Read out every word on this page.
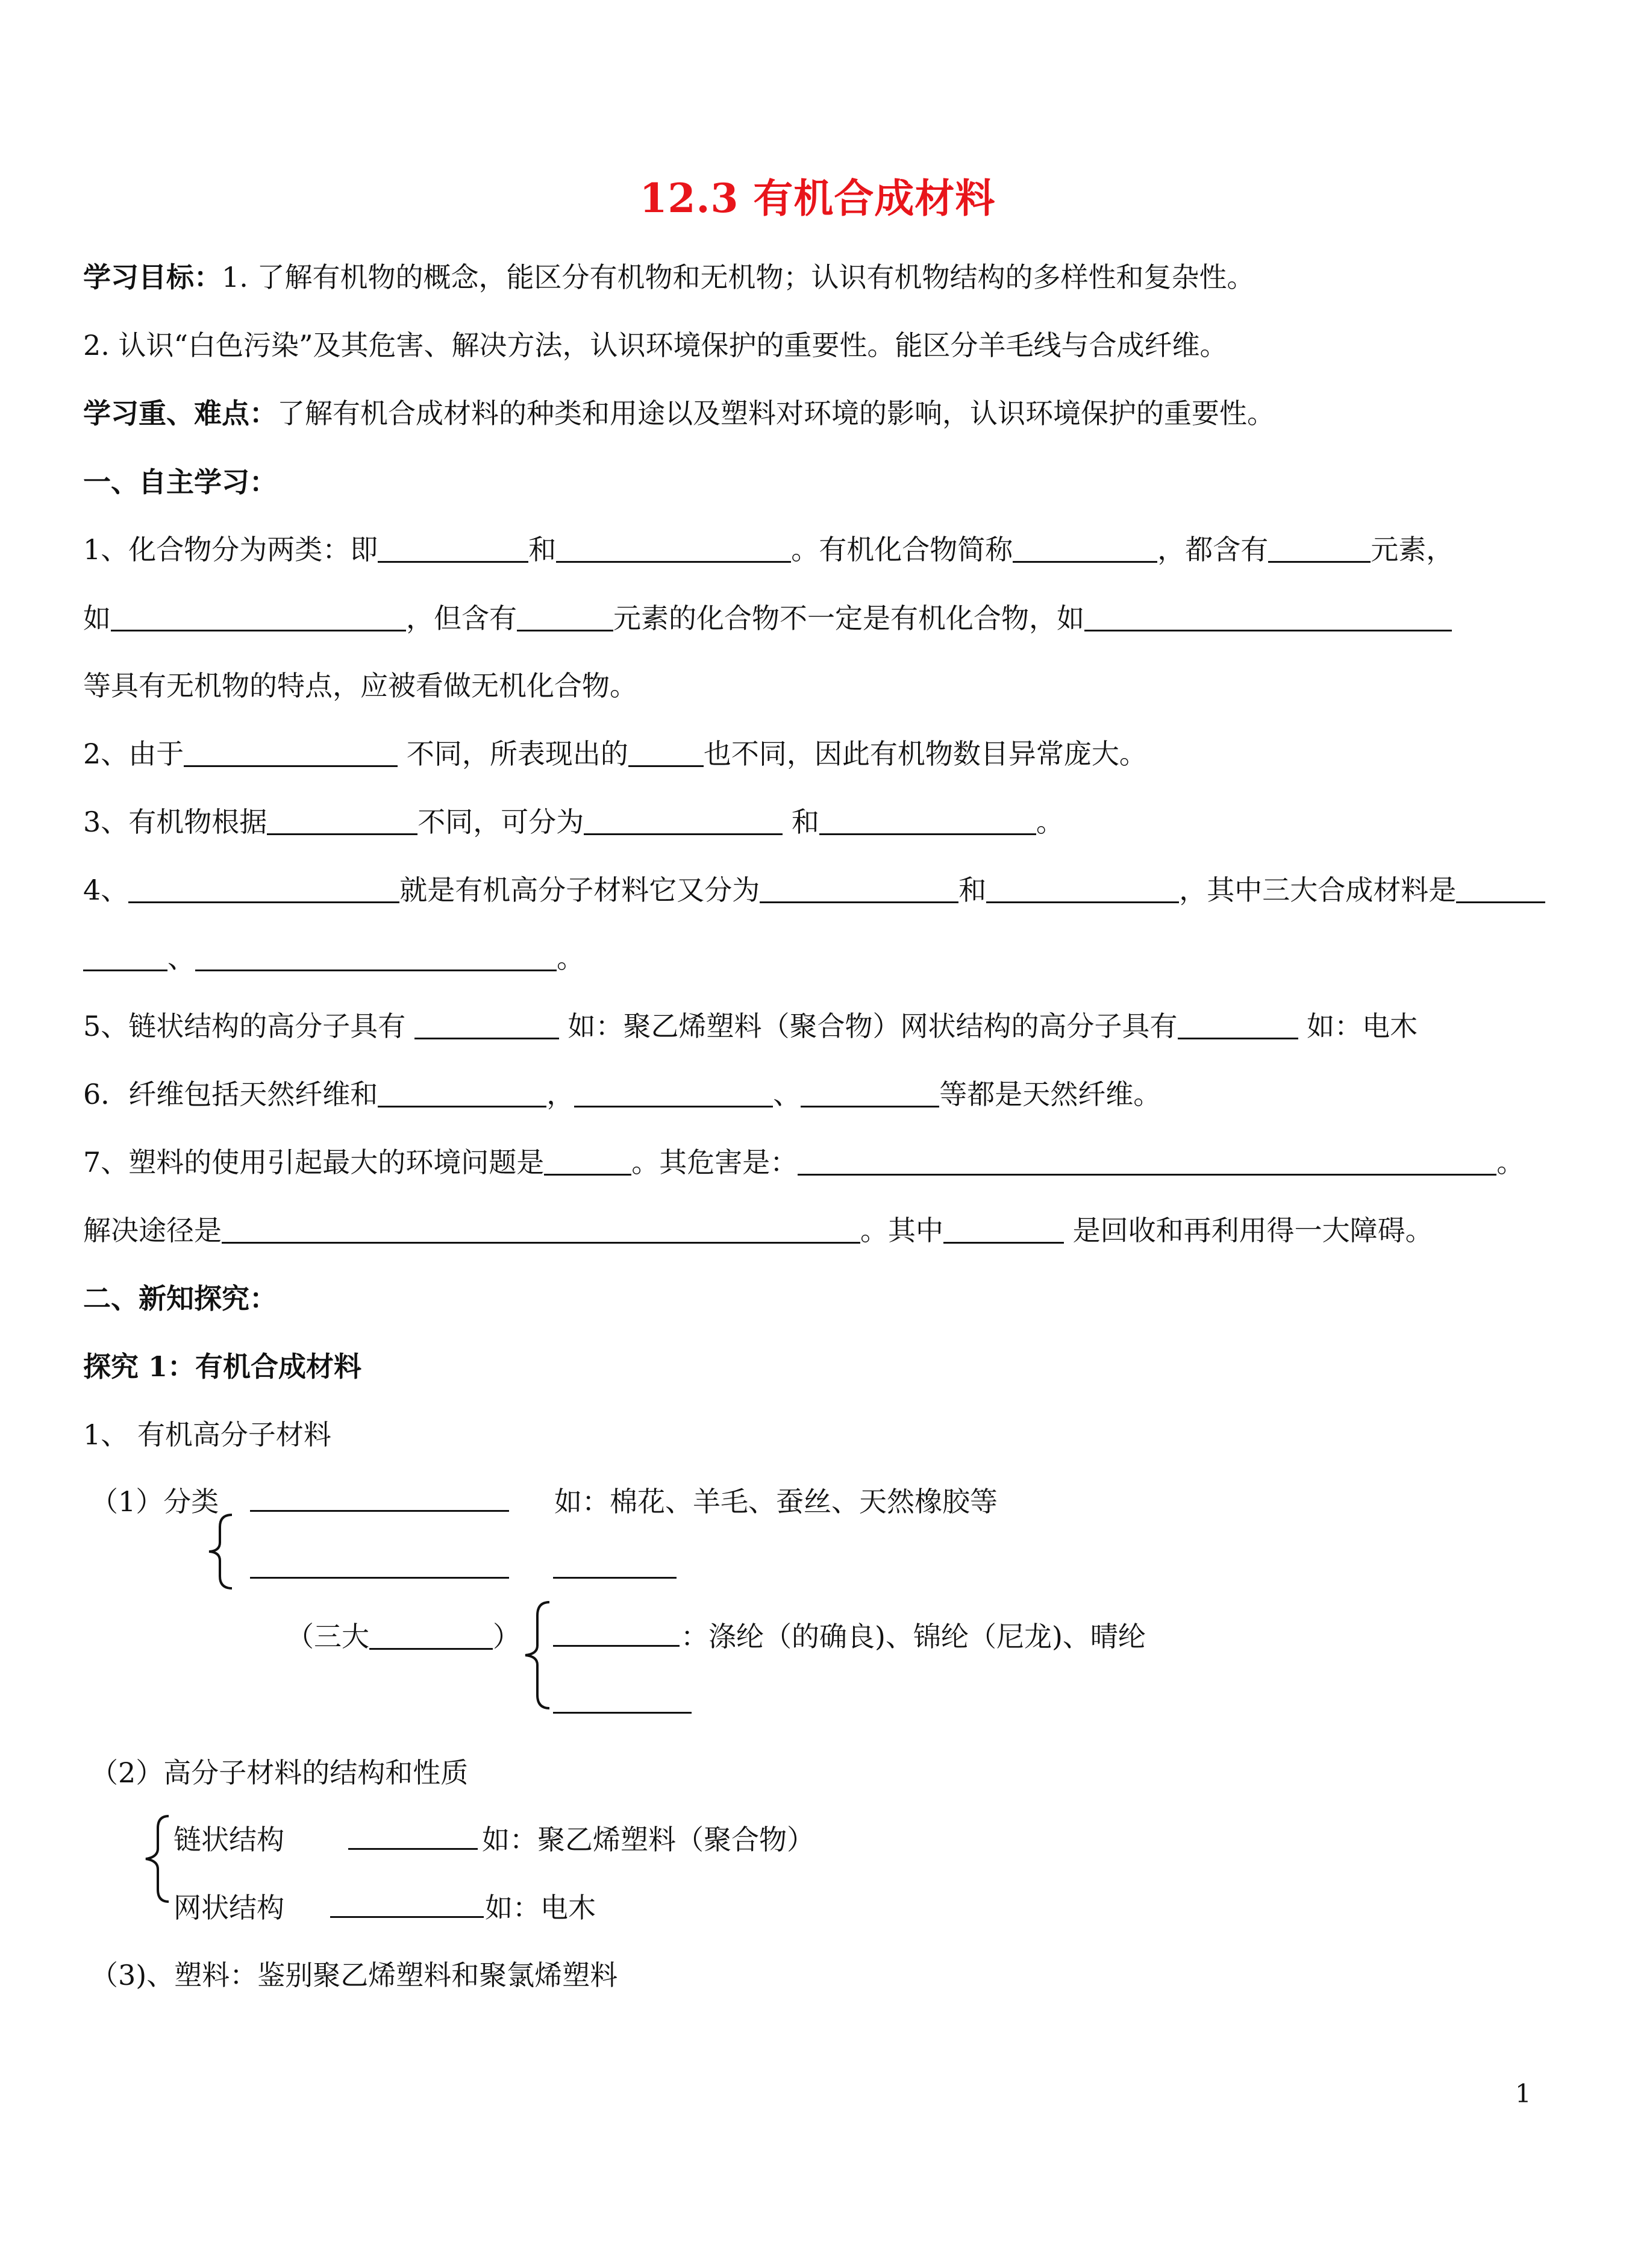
12.3 有机合成材料
学习目标：1. 了解有机物的概念，能区分有机物和无机物；认识有机物结构的多样性和复杂性。
2. 认识“白色污染”及其危害、解决方法，认识环境保护的重要性。能区分羊毛线与合成纤维。
学习重、难点：了解有机合成材料的种类和用途以及塑料对环境的影响，认识环境保护的重要性。
一、自主学习：
1、化合物分为两类：即	和	。有机化合物简称	，都含有	元素，
如	，但含有	元素的化合物不一定是有机化合物，如
等具有无机物的特点，应被看做无机化合物。
2、由于	不同，所表现出的	也不同，因此有机物数目异常庞大。
3、有机物根据	不同，可分为	和	。
4、	就是有机高分子材料它又分为	和	，其中三大合成材料是
、	。
5、链状结构的高分子具有	如：聚乙烯塑料（聚合物）网状结构的高分子具有	如：电木
6．纤维包括天然纤维和	，	、	等都是天然纤维。
7、塑料的使用引起最大的环境问题是	。其危害是：	。
解决途径是	。其中	是回收和再利用得一大障碍。
二、新知探究：
探究 1：有机合成材料
1、 有机高分子材料
（1）分类	如：棉花、羊毛、蚕丝、天然橡胶等
（三大	）	：涤纶（的确良)、锦纶（尼龙)、晴纶
（2）高分子材料的结构和性质
链状结构	如：聚乙烯塑料（聚合物）
网状结构	如：电木
（3)、塑料：鉴别聚乙烯塑料和聚氯烯塑料
1
